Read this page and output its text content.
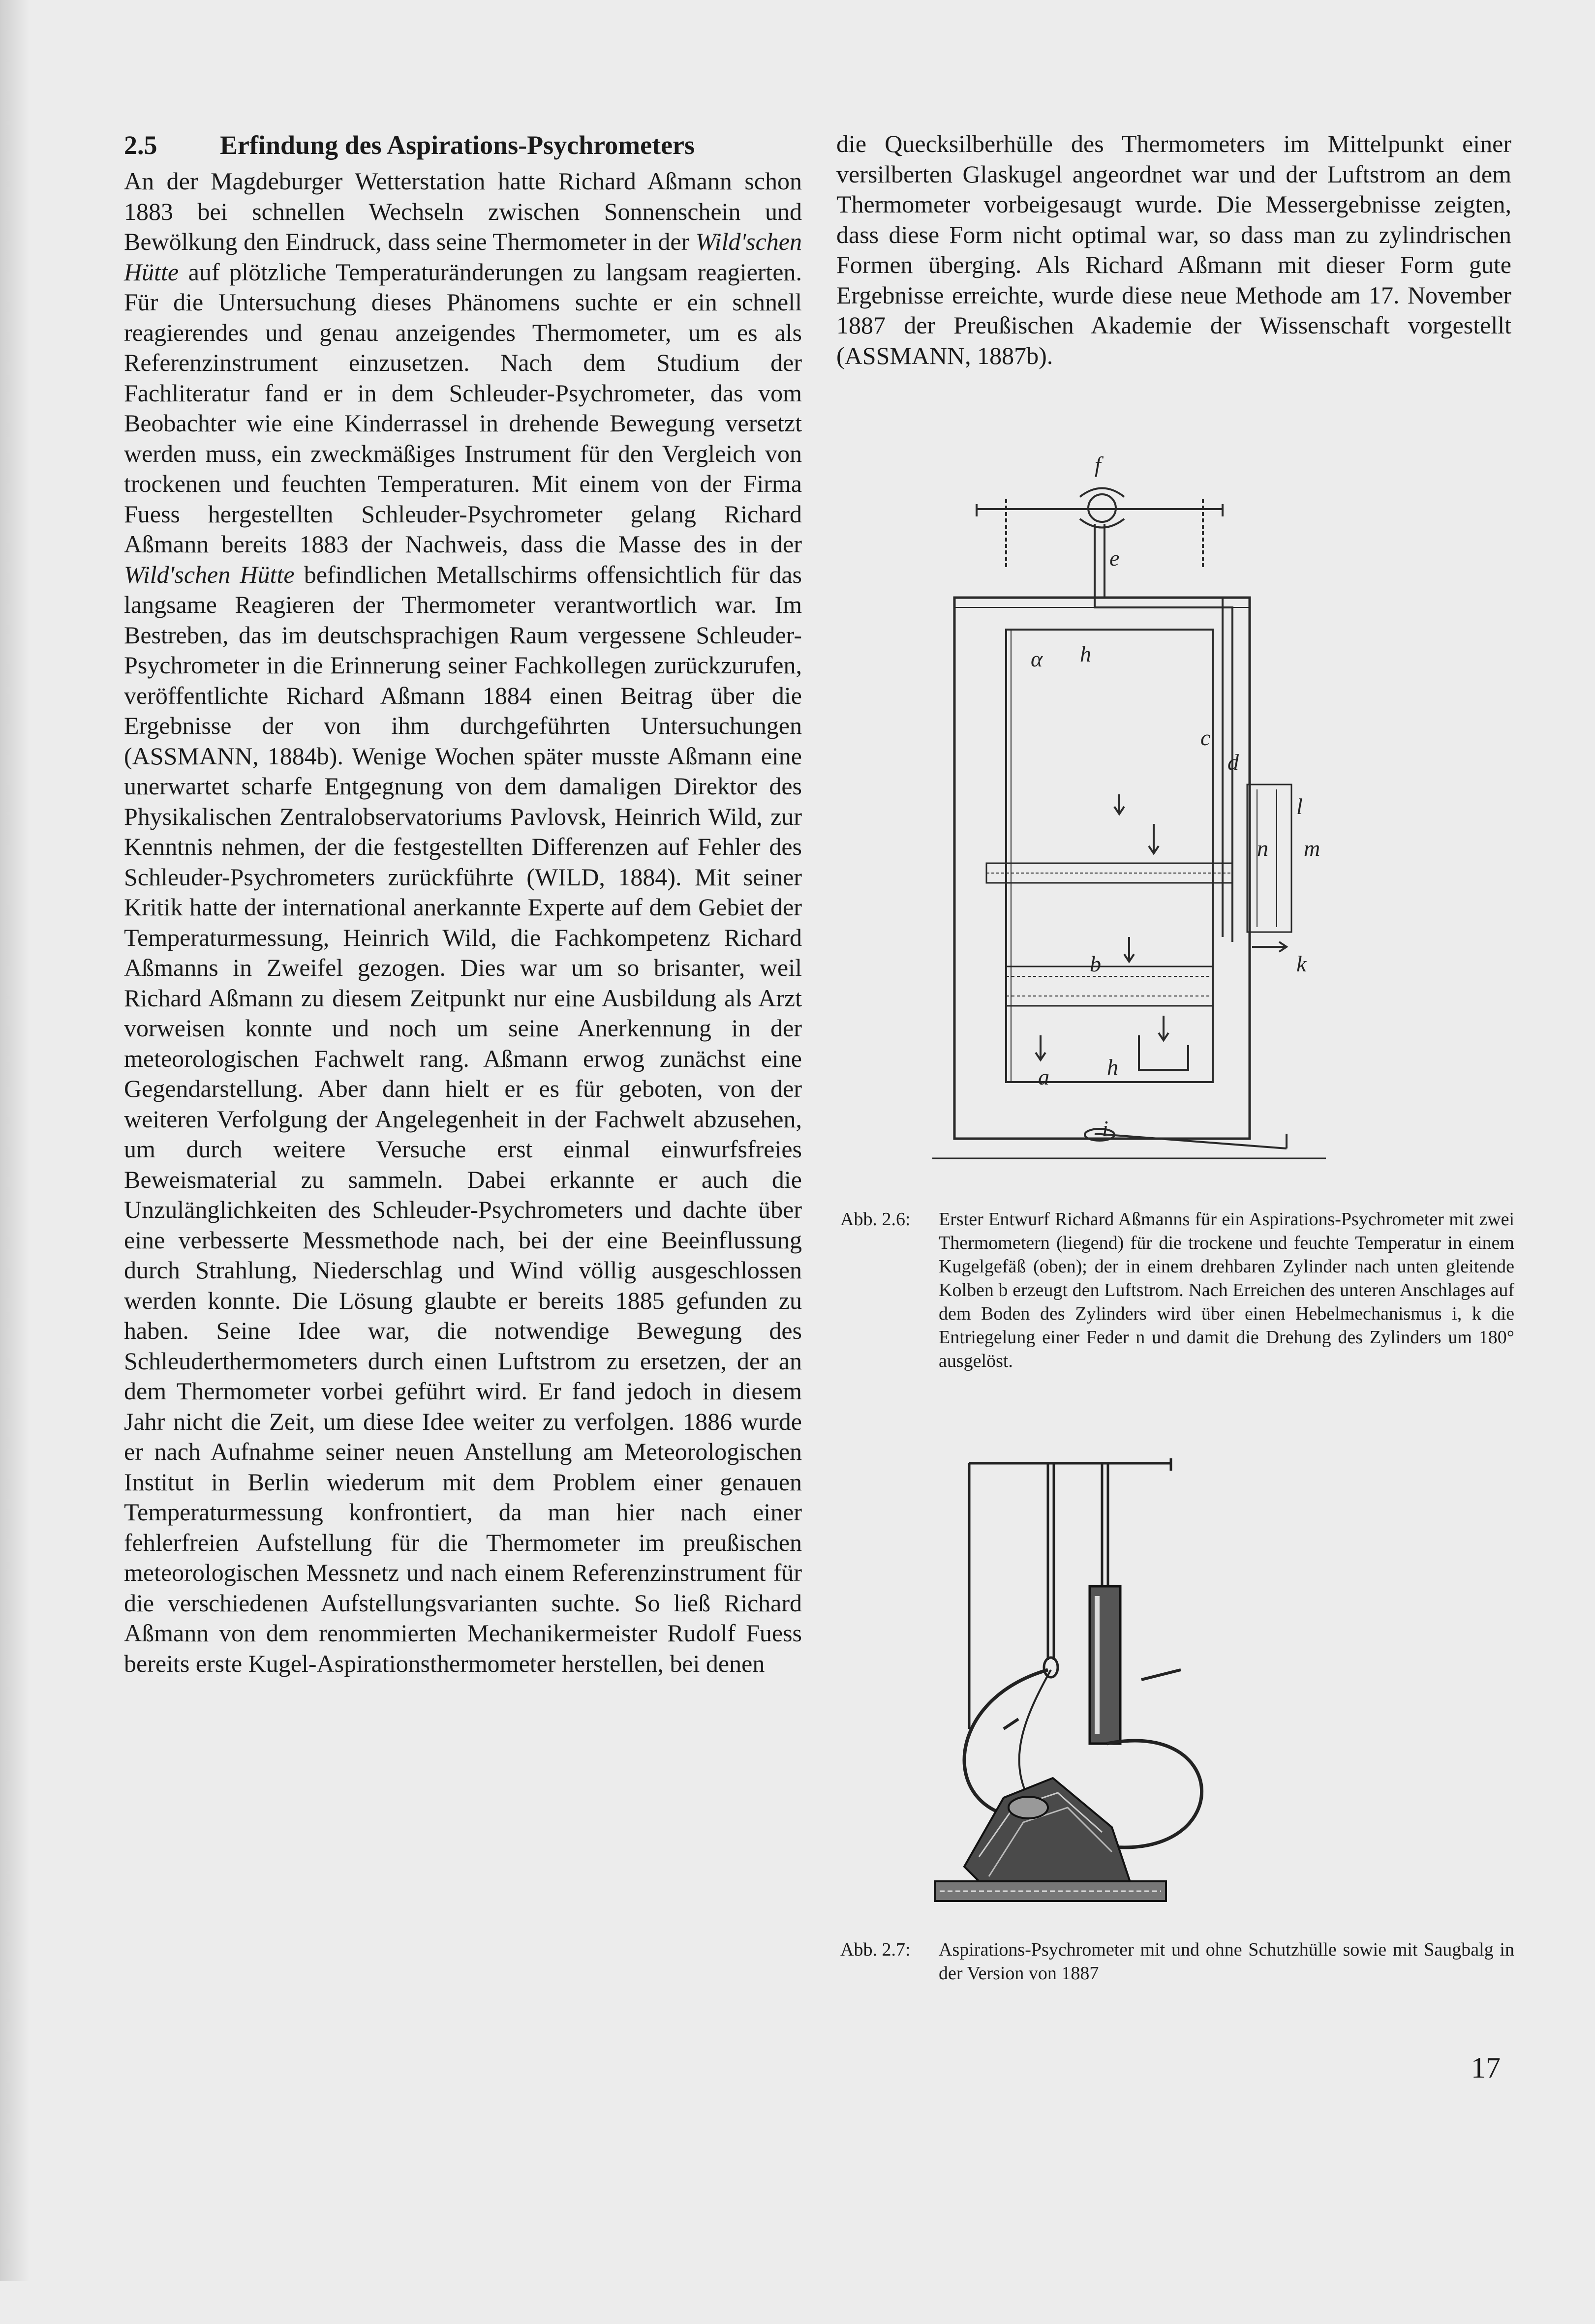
2.5	Erfindung des Aspirations-Psychrometers

An der Magdeburger Wetterstation hatte Richard Aßmann schon 1883 bei schnellen Wechseln zwischen Sonnenschein und Bewölkung den Eindruck, dass seine Thermometer in der Wild'schen Hütte auf plötzliche Temperaturänderungen zu langsam reagierten. Für die Untersuchung dieses Phänomens suchte er ein schnell reagierendes und genau anzeigendes Thermometer, um es als Referenzinstrument einzusetzen. Nach dem Studium der Fachliteratur fand er in dem Schleuder-Psychrometer, das vom Beobachter wie eine Kinderrassel in drehende Bewegung versetzt werden muss, ein zweckmäßiges Instrument für den Vergleich von trockenen und feuchten Temperaturen. Mit einem von der Firma Fuess hergestellten Schleuder-Psychrometer gelang Richard Aßmann bereits 1883 der Nachweis, dass die Masse des in der Wild'schen Hütte befindlichen Metallschirms offensichtlich für das langsame Reagieren der Thermometer verantwortlich war. Im Bestreben, das im deutschsprachigen Raum vergessene Schleuder-Psychrometer in die Erinnerung seiner Fachkollegen zurückzurufen, veröffentlichte Richard Aßmann 1884 einen Beitrag über die Ergebnisse der von ihm durchgeführten Untersuchungen (ASSMANN, 1884b). Wenige Wochen später musste Aßmann eine unerwartet scharfe Entgegnung von dem damaligen Direktor des Physikalischen Zentralobservatoriums Pavlovsk, Heinrich Wild, zur Kenntnis nehmen, der die festgestellten Differenzen auf Fehler des Schleuder-Psychrometers zurückführte (WILD, 1884). Mit seiner Kritik hatte der international anerkannte Experte auf dem Gebiet der Temperaturmessung, Heinrich Wild, die Fachkompetenz Richard Aßmanns in Zweifel gezogen. Dies war um so brisanter, weil Richard Aßmann zu diesem Zeitpunkt nur eine Ausbildung als Arzt vorweisen konnte und noch um seine Anerkennung in der meteorologischen Fachwelt rang. Aßmann erwog zunächst eine Gegendarstellung. Aber dann hielt er es für geboten, von der weiteren Verfolgung der Angelegenheit in der Fachwelt abzusehen, um durch weitere Versuche erst einmal einwurfsfreies Beweismaterial zu sammeln. Dabei erkannte er auch die Unzulänglichkeiten des Schleuder-Psychrometers und dachte über eine verbesserte Messmethode nach, bei der eine Beeinflussung durch Strahlung, Niederschlag und Wind völlig ausgeschlossen werden konnte. Die Lösung glaubte er bereits 1885 gefunden zu haben. Seine Idee war, die notwendige Bewegung des Schleuderthermometers durch einen Luftstrom zu ersetzen, der an dem Thermometer vorbei geführt wird. Er fand jedoch in diesem Jahr nicht die Zeit, um diese Idee weiter zu verfolgen. 1886 wurde er nach Aufnahme seiner neuen Anstellung am Meteorologischen Institut in Berlin wiederum mit dem Problem einer genauen Temperaturmessung konfrontiert, da man hier nach einer fehlerfreien Aufstellung für die Thermometer im preußischen meteorologischen Messnetz und nach einem Referenzinstrument für die verschiedenen Aufstellungsvarianten suchte. So ließ Richard Aßmann von dem renommierten Mechanikermeister Rudolf Fuess bereits erste Kugel-Aspirationsthermometer herstellen, bei denen

die Quecksilberhülle des Thermometers im Mittelpunkt einer versilberten Glaskugel angeordnet war und der Luftstrom an dem Thermometer vorbeigesaugt wurde. Die Messergebnisse zeigten, dass diese Form nicht optimal war, so dass man zu zylindrischen Formen überging. Als Richard Aßmann mit dieser Form gute Ergebnisse erreichte, wurde diese neue Methode am 17. November 1887 der Preußischen Akademie der Wissenschaft vorgestellt (ASSMANN, 1887b).

f
e
α h
c
d
l
n m
b	k
a	h
i
Abb. 2.6:	Erster Entwurf Richard Aßmanns für ein Aspirations-Psychrometer mit zwei Thermometern (liegend) für die trockene und feuchte Temperatur in einem Kugelgefäß (oben); der in einem drehbaren Zylinder nach unten gleitende Kolben b erzeugt den Luftstrom. Nach Erreichen des unteren Anschlages auf dem Boden des Zylinders wird über einen Hebelmechanismus i, k die Entriegelung einer Feder n und damit die Drehung des Zylinders um 180° ausgelöst.
Abb. 2.7:	Aspirations-Psychrometer mit und ohne Schutzhülle sowie mit Saugbalg in der Version von 1887
17
